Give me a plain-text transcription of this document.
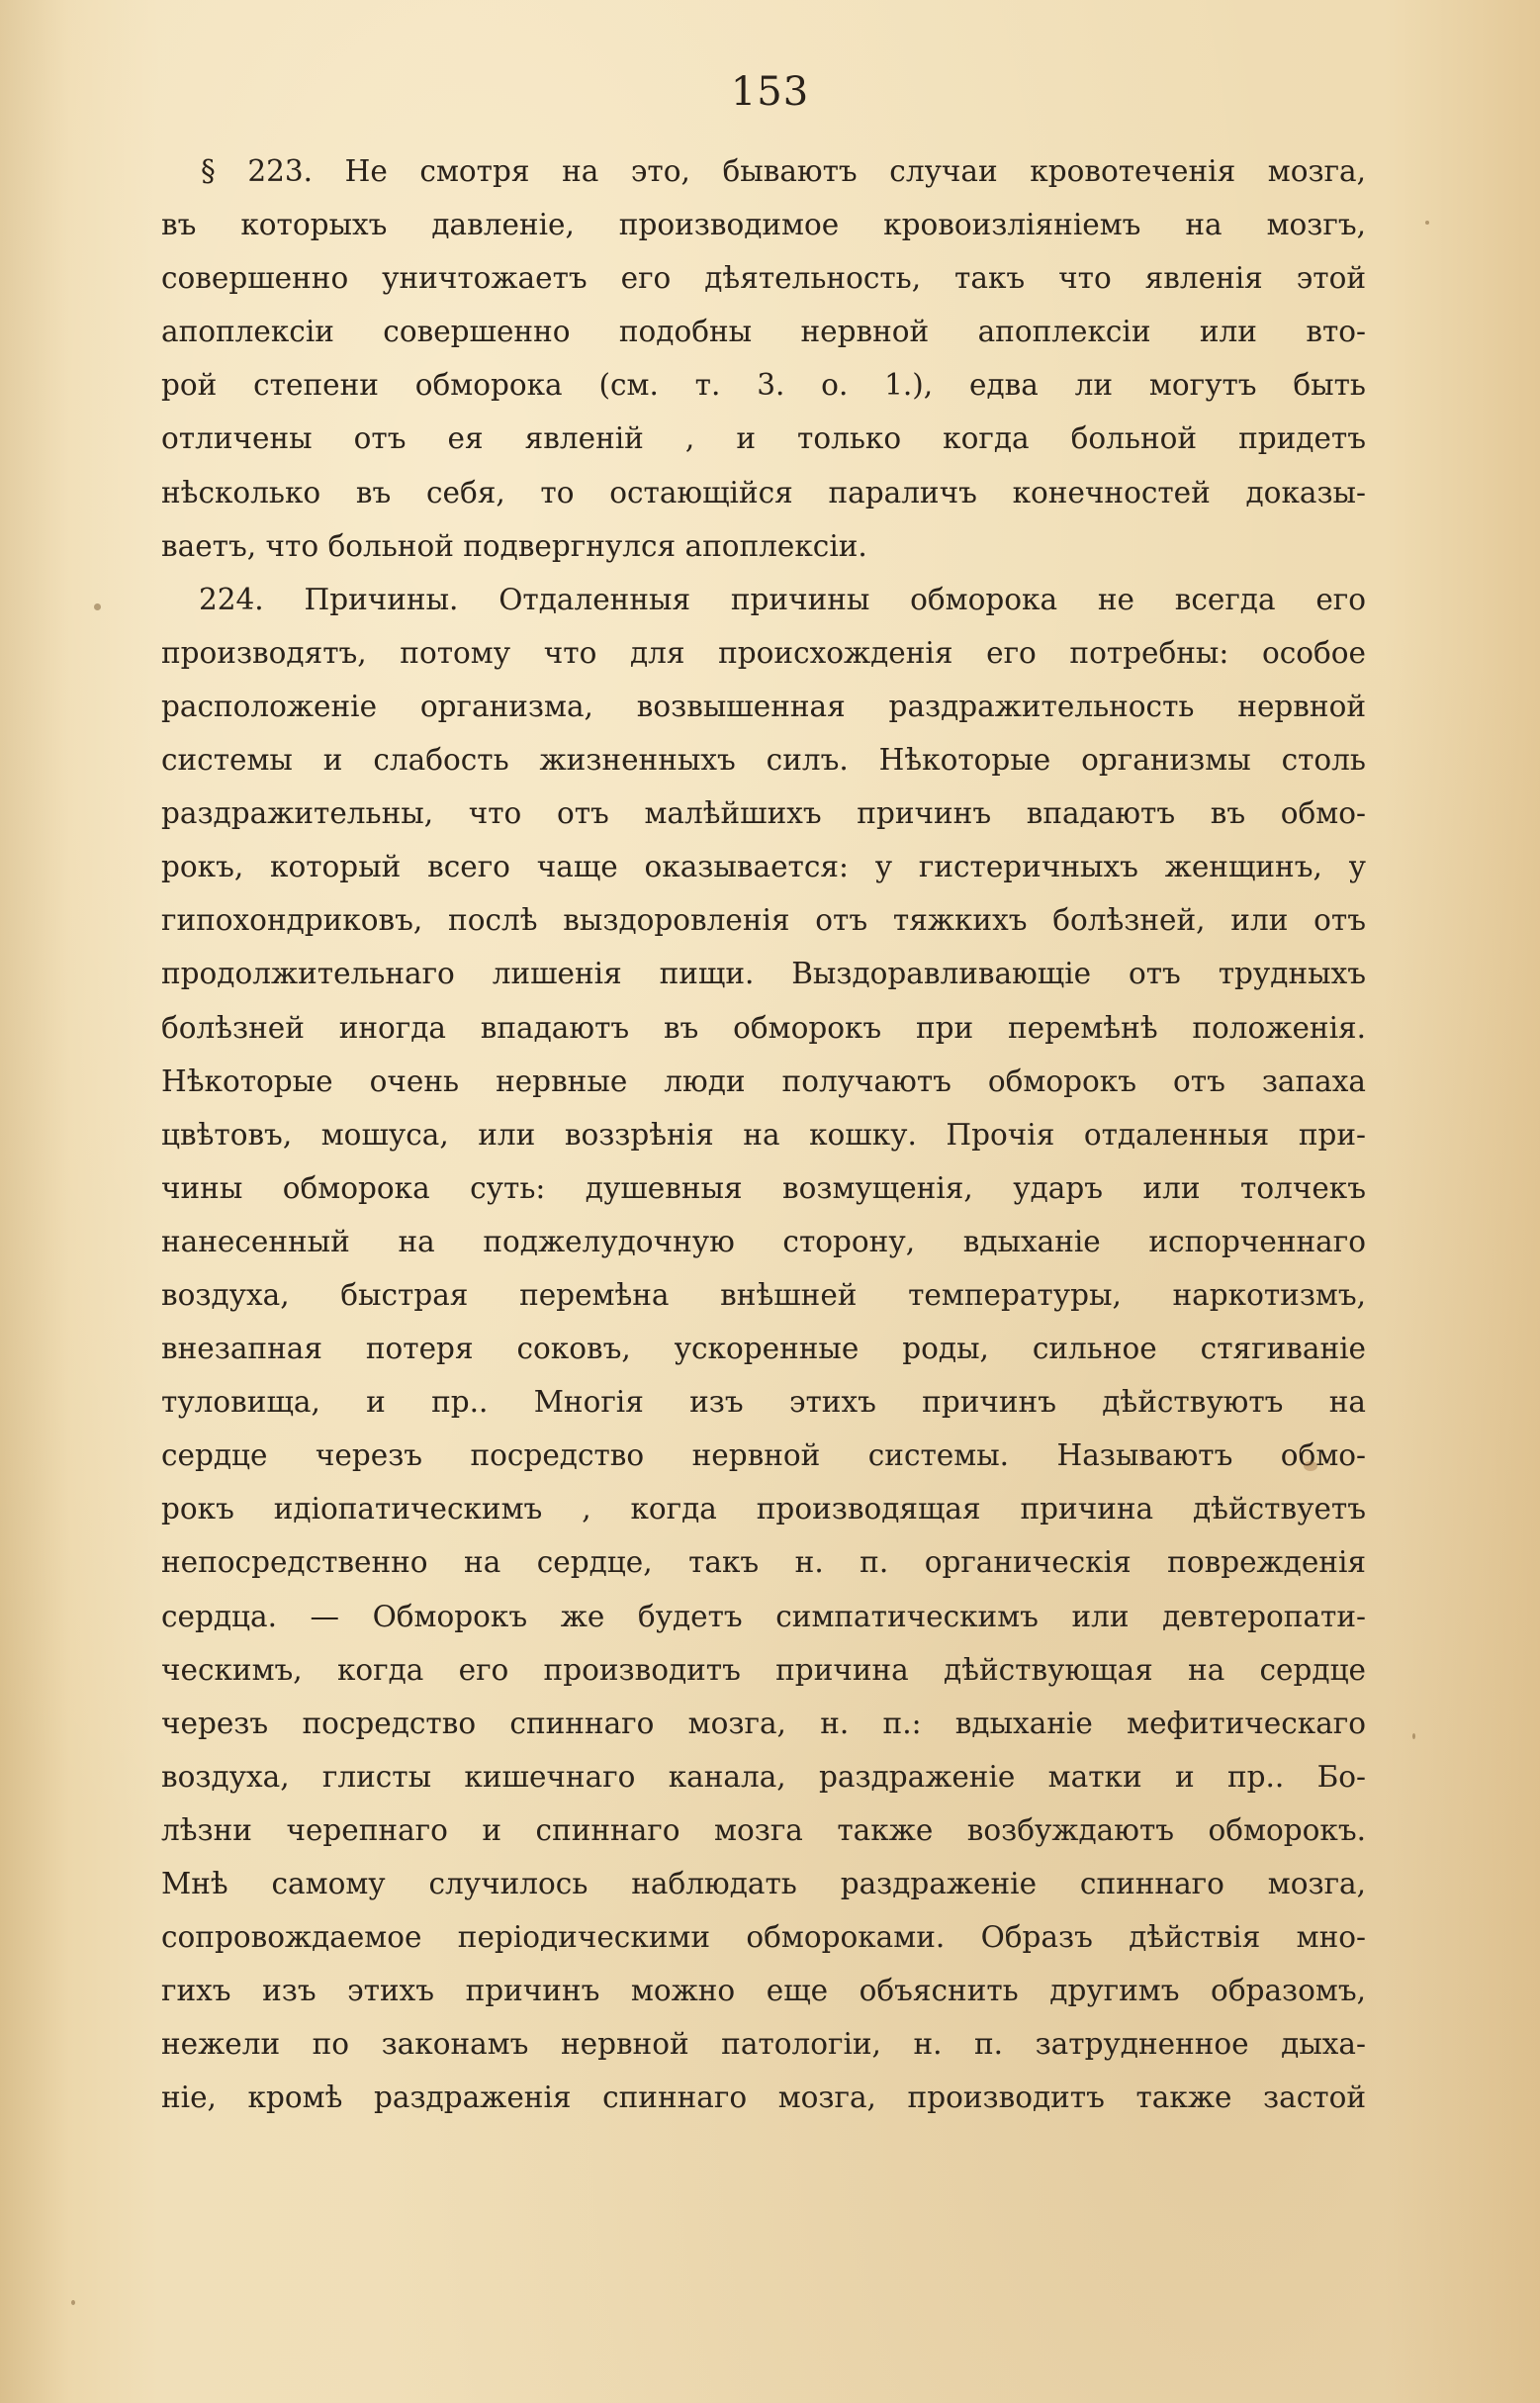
153
§ 223. Не смотря на это, бываютъ случаи кровотеченія мозга,
въ которыхъ давленіе, производимое кровоизліяніемъ на мозгъ,
совершенно уничтожаетъ его дѣятельность, такъ что явленія этой
апоплексіи совершенно подобны нервной апоплексіи или вто-
рой степени обморока (см. т. 3. о. 1.), едва ли могутъ быть
отличены отъ ея явленій , и только когда больной придетъ
нѣсколько въ себя, то остающійся параличъ конечностей доказы-
ваетъ, что больной подвергнулся апоплексіи.
224. Причины. Отдаленныя причины обморока не всегда его
производятъ, потому что для происхожденія его потребны: особое
расположеніе организма, возвышенная раздражительность нервной
системы и слабость жизненныхъ силъ. Нѣкоторые организмы столь
раздражительны, что отъ малѣйшихъ причинъ впадаютъ въ обмо-
рокъ, который всего чаще оказывается: у гистеричныхъ женщинъ, у
гипохондриковъ, послѣ выздоровленія отъ тяжкихъ болѣзней, или отъ
продолжительнаго лишенія пищи. Выздоравливающіе отъ трудныхъ
болѣзней иногда впадаютъ въ обморокъ при перемѣнѣ положенія.
Нѣкоторые очень нервные люди получаютъ обморокъ отъ запаха
цвѣтовъ, мошуса, или воззрѣнія на кошку. Прочія отдаленныя при-
чины обморока суть: душевныя возмущенія, ударъ или толчекъ
нанесенный на поджелудочную сторону, вдыханіе испорченнаго
воздуха, быстрая перемѣна внѣшней температуры, наркотизмъ,
внезапная потеря соковъ, ускоренные роды, сильное стягиваніе
туловища, и пр.. Многія изъ этихъ причинъ дѣйствуютъ на
сердце черезъ посредство нервной системы. Называютъ обмо-
рокъ идіопатическимъ , когда производящая причина дѣйствуетъ
непосредственно на сердце, такъ н. п. органическія поврежденія
сердца. — Обморокъ же будетъ симпатическимъ или девтеропати-
ческимъ, когда его производитъ причина дѣйствующая на сердце
черезъ посредство спиннаго мозга, н. п.: вдыханіе мефитическаго
воздуха, глисты кишечнаго канала, раздраженіе матки и пр.. Бо-
лѣзни черепнаго и спиннаго мозга также возбуждаютъ обморокъ.
Мнѣ самому случилось наблюдать раздраженіе спиннаго мозга,
сопровождаемое періодическими обмороками. Образъ дѣйствія мно-
гихъ изъ этихъ причинъ можно еще объяснить другимъ образомъ,
нежели по законамъ нервной патологіи, н. п. затрудненное дыха-
ніе, кромѣ раздраженія спиннаго мозга, производитъ также застой
